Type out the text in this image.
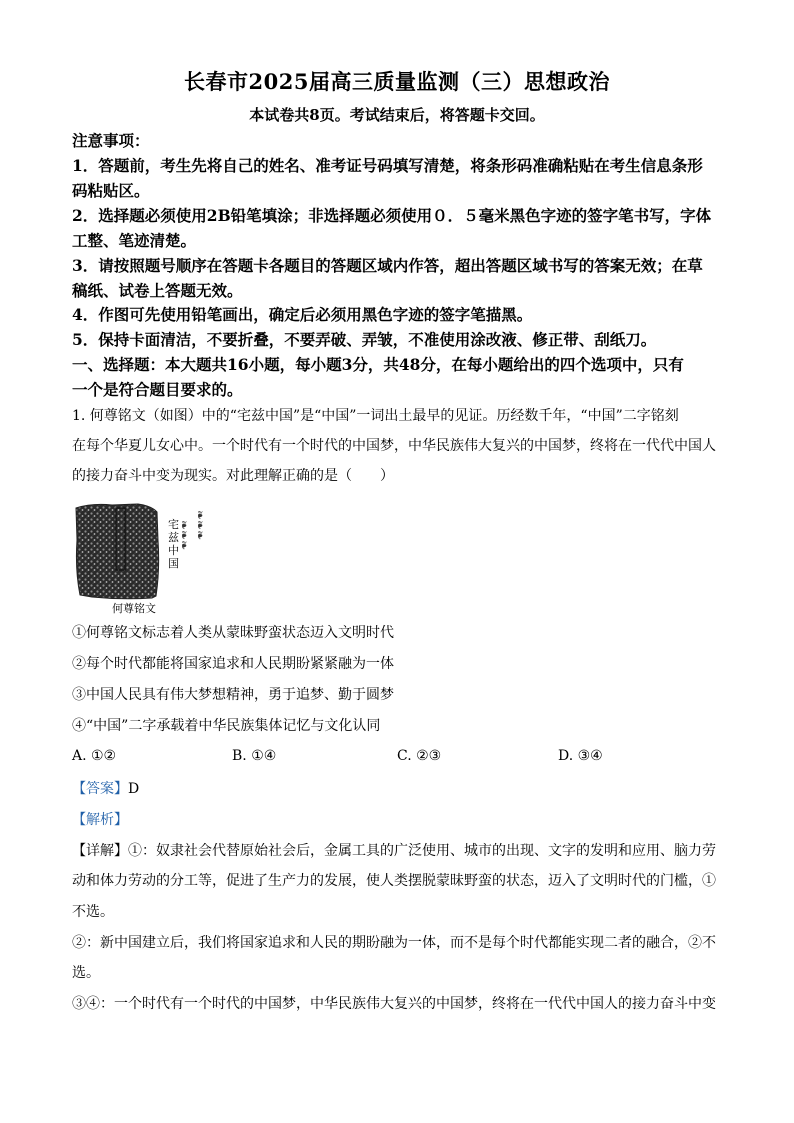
长春市2025届高三质量监测（三）思想政治
本试卷共8页。考试结束后，将答题卡交回。
注意事项：
1．答题前，考生先将自己的姓名、准考证号码填写清楚，将条形码准确粘贴在考生信息条形
码粘贴区。
2．选择题必须使用2B铅笔填涂；非选择题必须使用０．５毫米黑色字迹的签字笔书写，字体
工整、笔迹清楚。
3．请按照题号顺序在答题卡各题目的答题区域内作答，超出答题区域书写的答案无效；在草
稿纸、试卷上答题无效。
4．作图可先使用铅笔画出，确定后必须用黑色字迹的签字笔描黑。
5．保持卡面清洁，不要折叠，不要弄破、弄皱，不准使用涂改液、修正带、刮纸刀。
一、选择题：本大题共16小题，每小题3分，共48分，在每小题给出的四个选项中，只有
一个是符合题目要求的。
1. 何尊铭文（如图）中的“宅兹中国”是“中国”一词出土最早的见证。历经数千年，“中国”二字铭刻
在每个华夏儿女心中。一个时代有一个时代的中国梦，中华民族伟大复兴的中国梦，终将在一代代中国人
的接力奋斗中变为现实。对此理解正确的是（　　）
❧❧❧ ❧❧❧
宅 兹 中 国
何尊铭文
①何尊铭文标志着人类从蒙昧野蛮状态迈入文明时代
②每个时代都能将国家追求和人民期盼紧紧融为一体
③中国人民具有伟大梦想精神，勇于追梦、勤于圆梦
④“中国”二字承载着中华民族集体记忆与文化认同
A. ①②	B. ①④	C. ②③	D. ③④
【答案】D
【解析】
【详解】①：奴隶社会代替原始社会后，金属工具的广泛使用、城市的出现、文字的发明和应用、脑力劳
动和体力劳动的分工等，促进了生产力的发展，使人类摆脱蒙昧野蛮的状态，迈入了文明时代的门槛，①
不选。
②：新中国建立后，我们将国家追求和人民的期盼融为一体，而不是每个时代都能实现二者的融合，②不
选。
③④：一个时代有一个时代的中国梦，中华民族伟大复兴的中国梦，终将在一代代中国人的接力奋斗中变
